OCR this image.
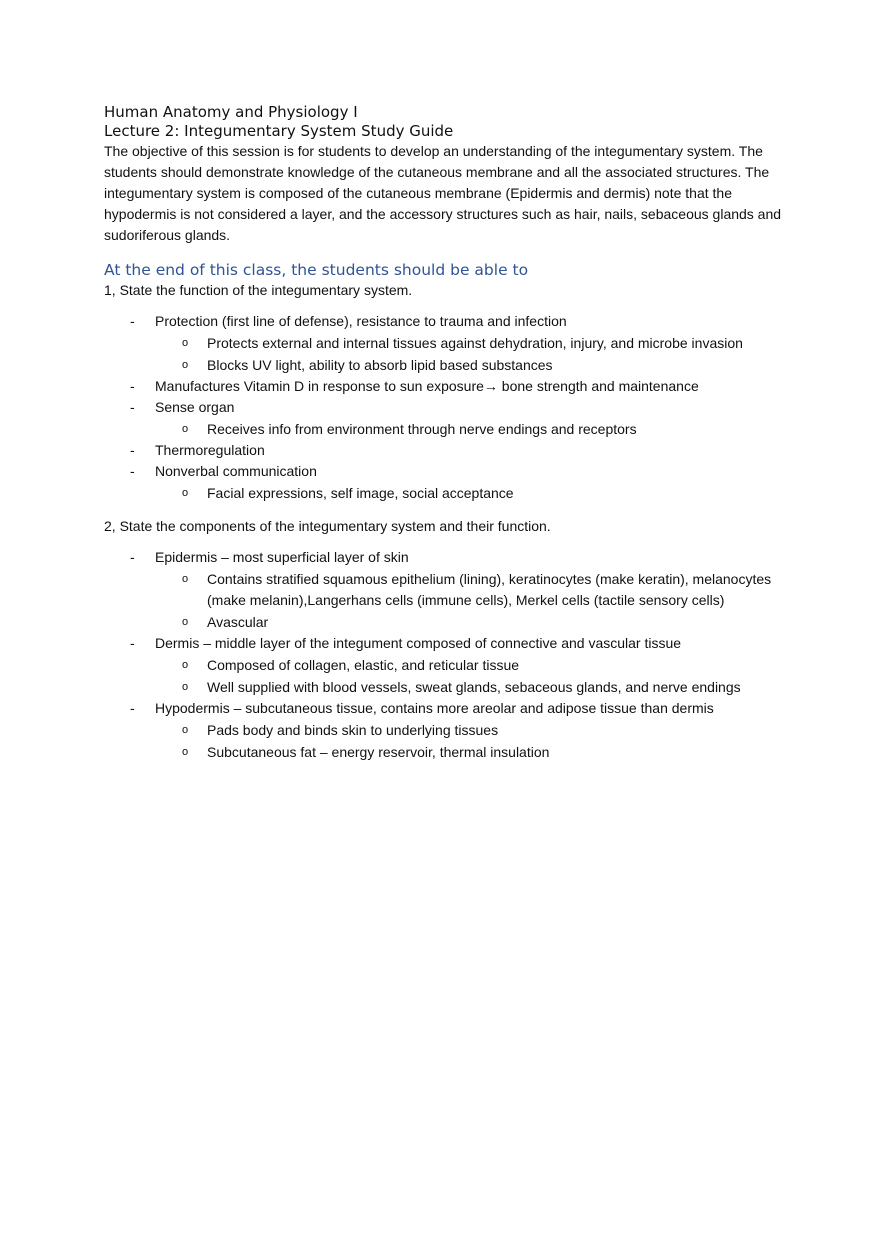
Human Anatomy and Physiology I
Lecture 2: Integumentary System Study Guide

The objective of this session is for students to develop an understanding of the integumentary system. The students should demonstrate knowledge of the cutaneous membrane and all the associated structures. The integumentary system is composed of the cutaneous membrane (Epidermis and dermis) note that the hypodermis is not considered a layer, and the accessory structures such as hair, nails, sebaceous glands and sudoriferous glands.

At the end of this class, the students should be able to
1, State the function of the integumentary system.
- Protection (first line of defense), resistance to trauma and infection
o Protects external and internal tissues against dehydration, injury, and microbe invasion
o Blocks UV light, ability to absorb lipid based substances
- Manufactures Vitamin D in response to sun exposure→ bone strength and maintenance
- Sense organ
o Receives info from environment through nerve endings and receptors
- Thermoregulation
- Nonverbal communication
o Facial expressions, self image, social acceptance
2, State the components of the integumentary system and their function.
- Epidermis – most superficial layer of skin
o Contains stratified squamous epithelium (lining), keratinocytes (make keratin), melanocytes (make melanin),Langerhans cells (immune cells), Merkel cells (tactile sensory cells)
o Avascular
- Dermis – middle layer of the integument composed of connective and vascular tissue
o Composed of collagen, elastic, and reticular tissue
o Well supplied with blood vessels, sweat glands, sebaceous glands, and nerve endings
- Hypodermis – subcutaneous tissue, contains more areolar and adipose tissue than dermis
o Pads body and binds skin to underlying tissues
o Subcutaneous fat – energy reservoir, thermal insulation
